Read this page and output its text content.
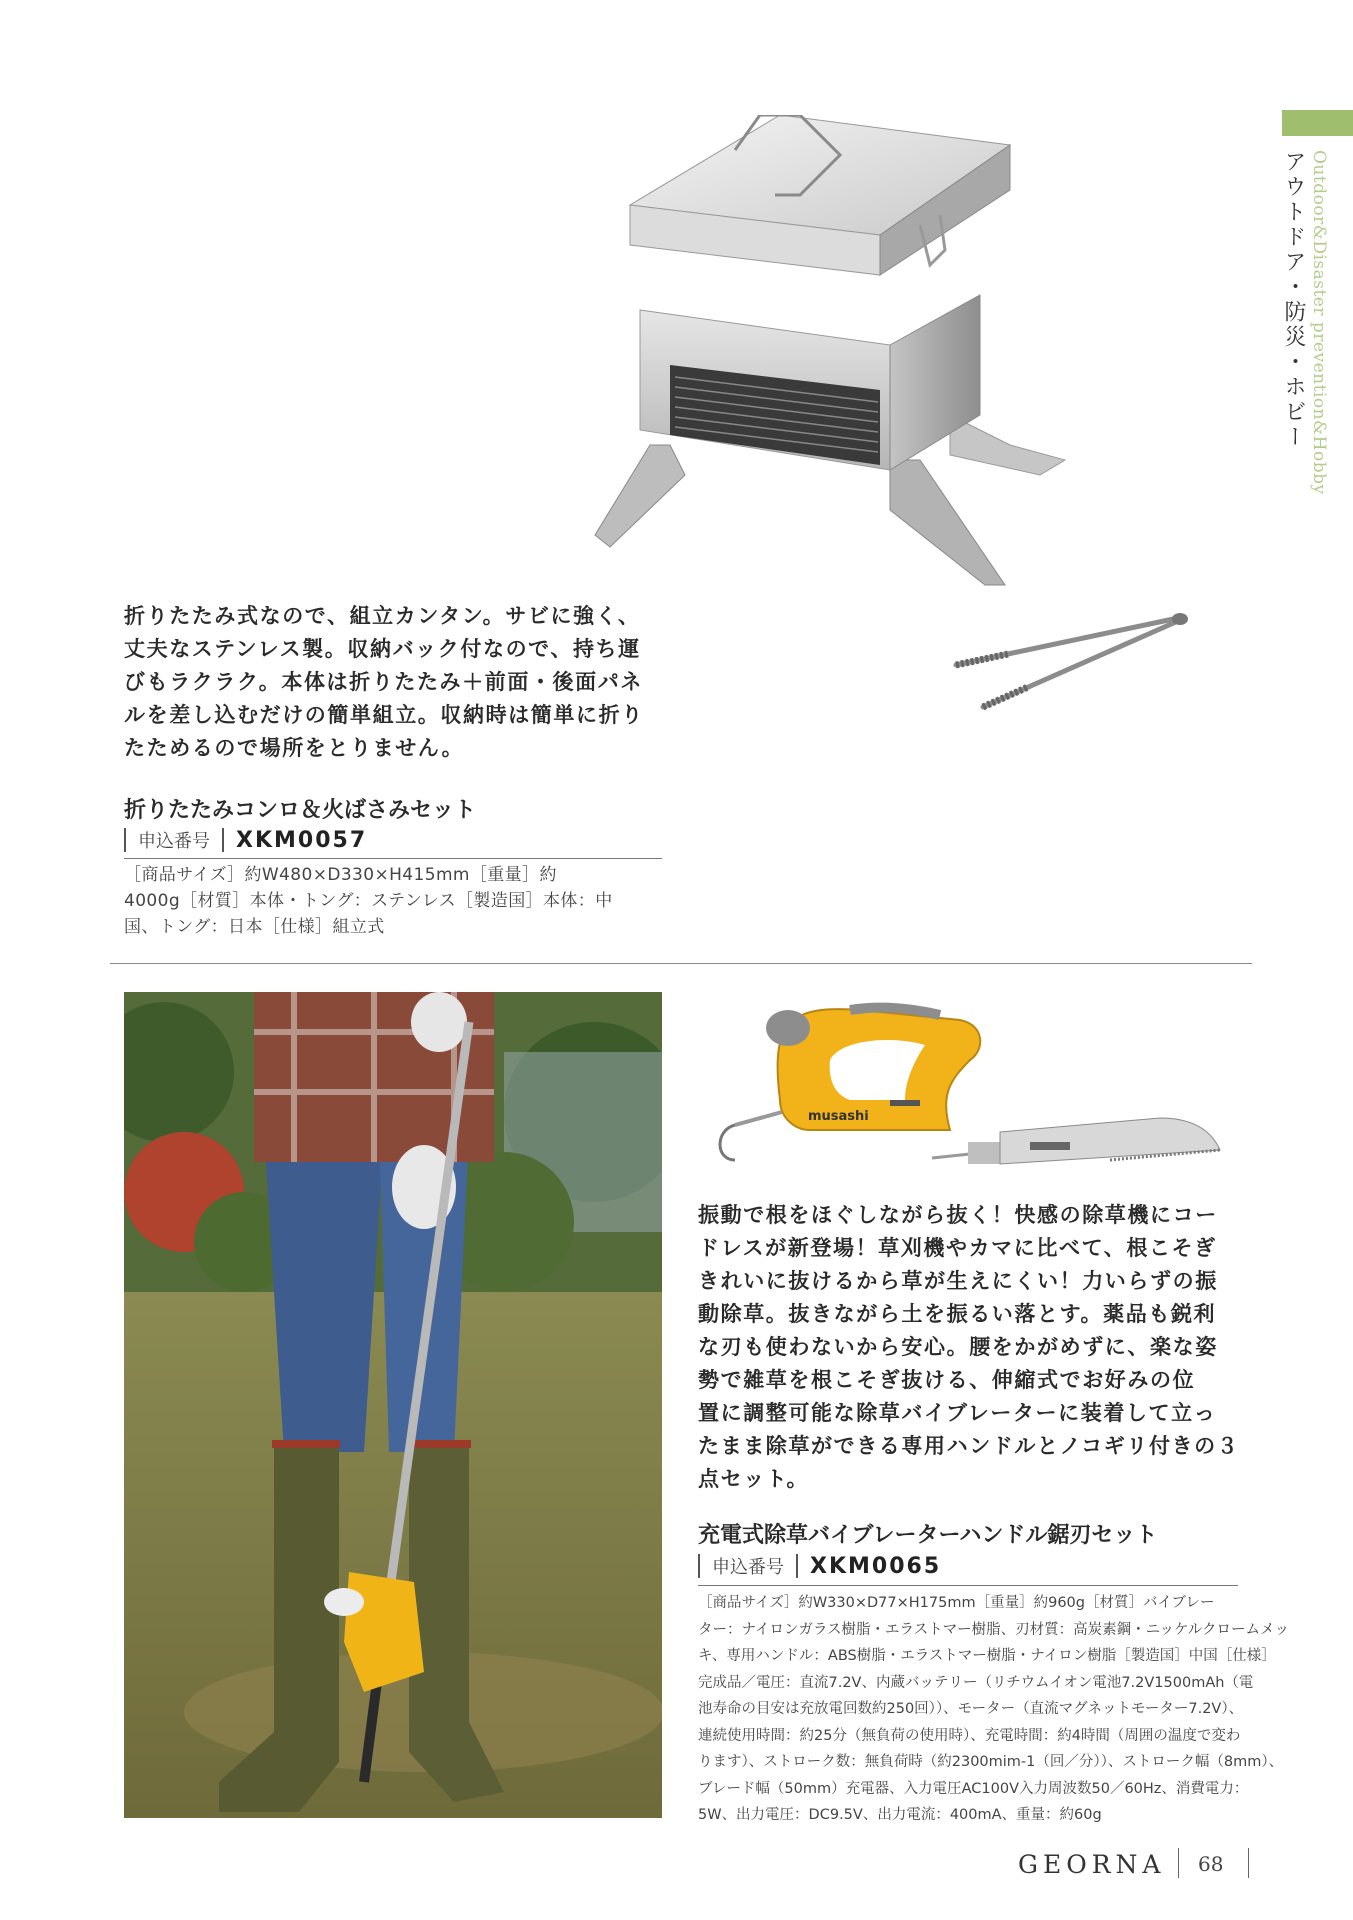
Outdoor&Disaster prevention&Hobby
アウトドア・防災・ホビー
折りたたみ式なので、組立カンタン。サビに強く、
丈夫なステンレス製。収納バック付なので、持ち運
びもラクラク。本体は折りたたみ＋前面・後面パネ
ルを差し込むだけの簡単組立。収納時は簡単に折り
たためるので場所をとりません。
折りたたみコンロ＆火ばさみセット
申込番号 XKM0057
［商品サイズ］約W480×D330×H415mm［重量］約
4000g［材質］本体・トング：ステンレス［製造国］本体：中
国、トング：日本［仕様］組立式
musashi
振動で根をほぐしながら抜く！快感の除草機にコー
ドレスが新登場！草刈機やカマに比べて、根こそぎ
きれいに抜けるから草が生えにくい！力いらずの振
動除草。抜きながら土を振るい落とす。薬品も鋭利
な刃も使わないから安心。腰をかがめずに、楽な姿
勢で雑草を根こそぎ抜ける、伸縮式でお好みの位
置に調整可能な除草バイブレーターに装着して立っ
たまま除草ができる専用ハンドルとノコギリ付きの３
点セット。
充電式除草バイブレーターハンドル鋸刃セット
申込番号 XKM0065
［商品サイズ］約W330×D77×H175mm［重量］約960g［材質］バイブレー
ター：ナイロンガラス樹脂・エラストマー樹脂、刃材質：高炭素鋼・ニッケルクロームメッ
キ、専用ハンドル：ABS樹脂・エラストマー樹脂・ナイロン樹脂［製造国］中国［仕様］
完成品／電圧：直流7.2V、内蔵バッテリー（リチウムイオン電池7.2V1500mAh（電
池寿命の目安は充放電回数約250回））、モーター（直流マグネットモーター7.2V）、
連続使用時間：約25分（無負荷の使用時）、充電時間：約4時間（周囲の温度で変わ
ります）、ストローク数：無負荷時（約2300mim-1（回／分））、ストローク幅（8mm）、
ブレード幅（50mm）充電器、入力電圧AC100V入力周波数50／60Hz、消費電力：
5W、出力電圧：DC9.5V、出力電流：400mA、重量：約60g
GEORNA 68
